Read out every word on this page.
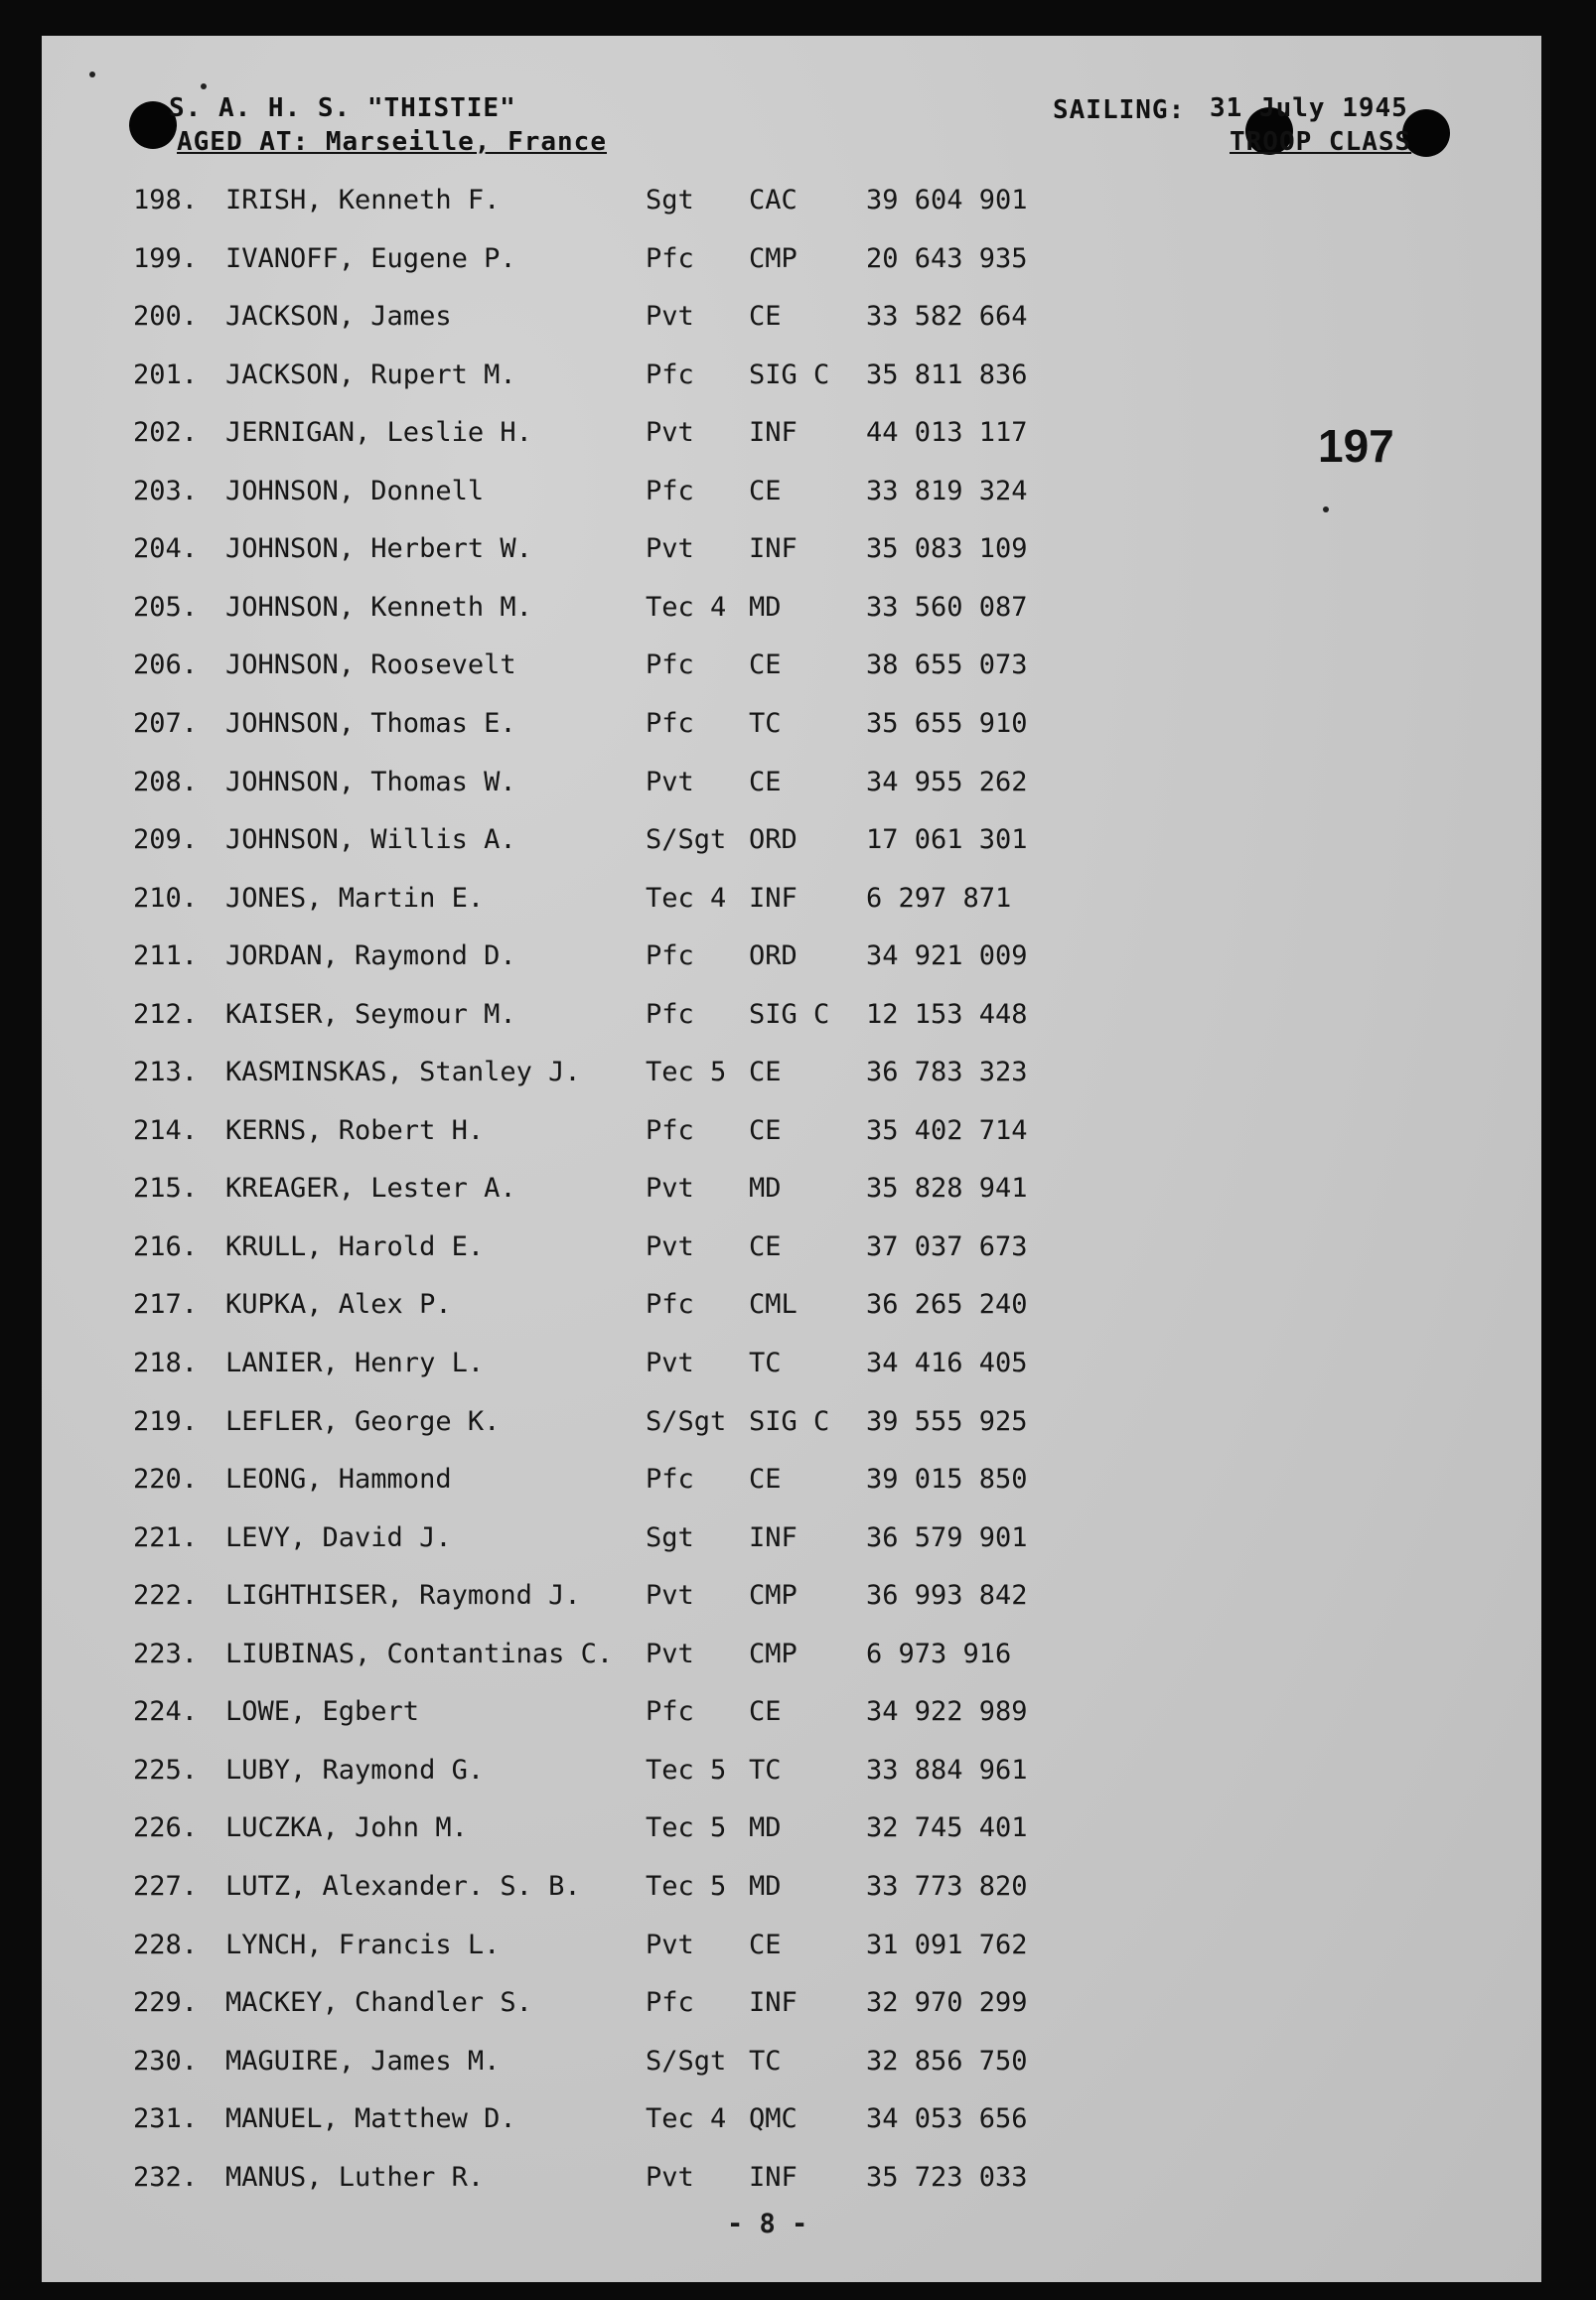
S. A. H. S. "THISTIE"
AGED AT: Marseille, France
SAILING: 31 July 1945
TROOP CLASS
197
198. IRISH, Kenneth F.	Sgt CAC	39 604 901
199. IVANOFF, Eugene P.	Pfc CMP	20 643 935
200. JACKSON, James	Pvt CE	33 582 664
201. JACKSON, Rupert M.	Pfc SIG C 35 811 836
202. JERNIGAN, Leslie H.	Pvt INF	44 013 117
203. JOHNSON, Donnell	Pfc CE	33 819 324
204. JOHNSON, Herbert W.	Pvt INF	35 083 109
205. JOHNSON, Kenneth M.	Tec 4 MD	33 560 087
206. JOHNSON, Roosevelt	Pfc CE	38 655 073
207. JOHNSON, Thomas E.	Pfc TC	35 655 910
208. JOHNSON, Thomas W.	Pvt CE	34 955 262
209. JOHNSON, Willis A.	S/Sgt ORD	17 061 301
210. JONES, Martin E.	Tec 4 INF	6 297 871
211. JORDAN, Raymond D.	Pfc ORD	34 921 009
212. KAISER, Seymour M.	Pfc SIG C 12 153 448
213. KASMINSKAS, Stanley J. Tec 5 CE	36 783 323
214. KERNS, Robert H.	Pfc CE	35 402 714
215. KREAGER, Lester A.	Pvt MD	35 828 941
216. KRULL, Harold E.	Pvt CE	37 037 673
217. KUPKA, Alex P.	Pfc CML	36 265 240
218. LANIER, Henry L.	Pvt TC	34 416 405
219. LEFLER, George K.	S/Sgt SIG C 39 555 925
220. LEONG, Hammond	Pfc CE	39 015 850
221. LEVY, David J.	Sgt INF	36 579 901
222. LIGHTHISER, Raymond J. Pvt CMP	36 993 842
223. LIUBINAS, Contantinas C. Pvt CMP	6 973 916
224. LOWE, Egbert	Pfc CE	34 922 989
225. LUBY, Raymond G.	Tec 5 TC	33 884 961
226. LUCZKA, John M.	Tec 5 MD	32 745 401
227. LUTZ, Alexander. S. B. Tec 5 MD	33 773 820
228. LYNCH, Francis L.	Pvt CE	31 091 762
229. MACKEY, Chandler S.	Pfc INF	32 970 299
230. MAGUIRE, James M.	S/Sgt TC	32 856 750
231. MANUEL, Matthew D.	Tec 4 QMC	34 053 656
232. MANUS, Luther R.	Pvt INF	35 723 033
- 8 -
